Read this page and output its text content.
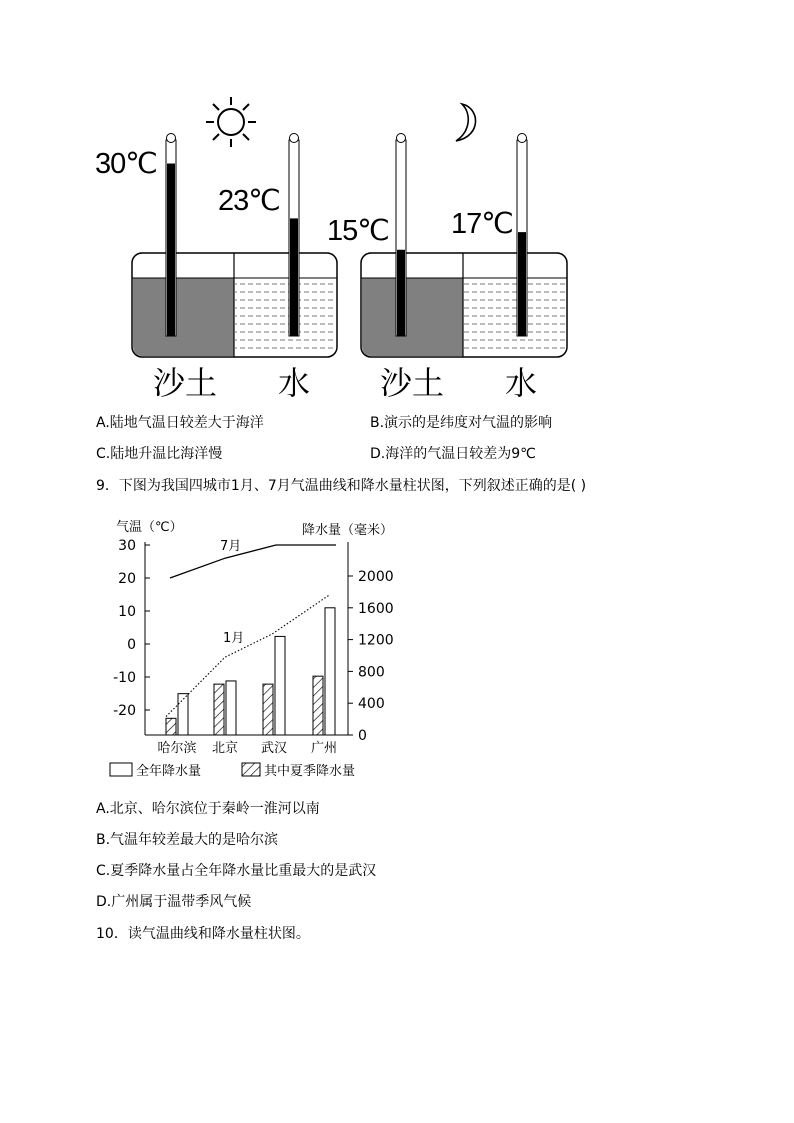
30℃
23℃
15℃ 17℃
沙土 水 沙土 水
A.陆地气温日较差大于海洋	B.演示的是纬度对气温的影响
C.陆地升温比海洋慢	D.海洋的气温日较差为9℃
9．下图为我国四城市1月、7月气温曲线和降水量柱状图，下列叙述正确的是( )
气温（℃）	降水量（毫米）
30
20
10
0
-10
-20
2000
1600
1200
800
400
0
7月
1月
哈尔滨 北京 武汉 广州
全年降水量	其中夏季降水量
A.北京、哈尔滨位于秦岭一淮河以南
B.气温年较差最大的是哈尔滨
C.夏季降水量占全年降水量比重最大的是武汉
D.广州属于温带季风气候
10．读气温曲线和降水量柱状图。
